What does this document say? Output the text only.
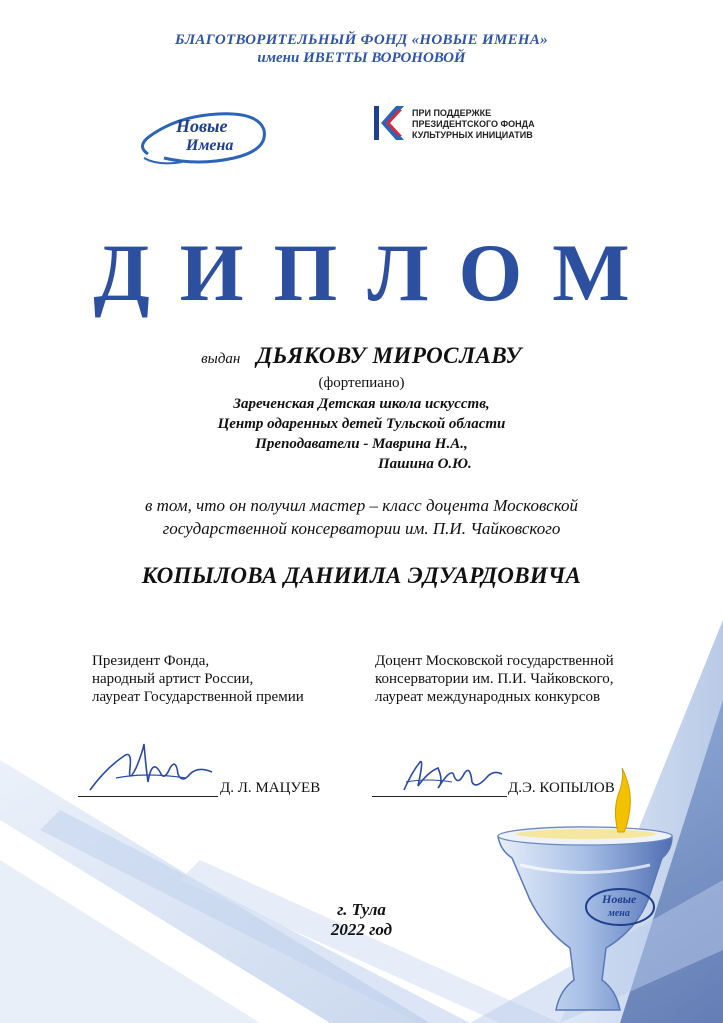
Новые
мена
БЛАГОТВОРИТЕЛЬНЫЙ ФОНД «НОВЫЕ ИМЕНА»
имени ИВЕТТЫ ВОРОНОВОЙ
Новые
Имена
ПРИ ПОДДЕРЖКЕ
ПРЕЗИДЕНТСКОГО ФОНДА
КУЛЬТУРНЫХ ИНИЦИАТИВ
ДИПЛОМ
выдан ДЬЯКОВУ МИРОСЛАВУ
(фортепиано)
Зареченская Детская школа искусств,
Центр одаренных детей Тульской области
Преподаватели - Маврина Н.А.,
Пашина О.Ю.
в том, что он получил мастер – класс доцента Московской
государственной консерватории им. П.И. Чайковского
КОПЫЛОВА ДАНИИЛА ЭДУАРДОВИЧА
Президент Фонда,
народный артист России,
лауреат Государственной премии
Д. Л. МАЦУЕВ
Доцент Московской государственной
консерватории им. П.И. Чайковского,
лауреат международных конкурсов
Д.Э. КОПЫЛОВ
г. Тула
2022 год
